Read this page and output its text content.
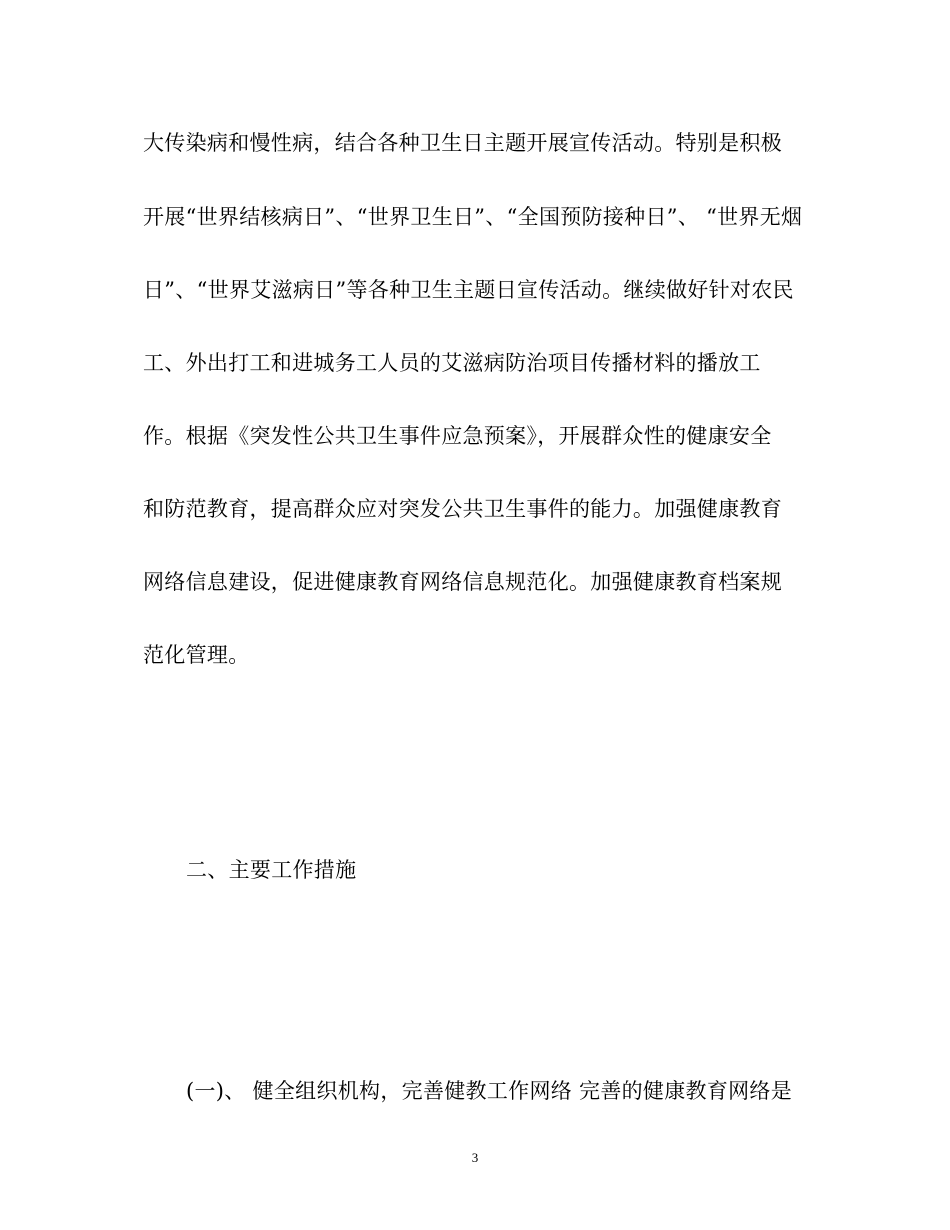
大传染病和慢性病，结合各种卫生日主题开展宣传活动。特别是积极
开展“世界结核病日”、“世界卫生日”、“全国预防接种日”、 “世界无烟
日”、“世界艾滋病日”等各种卫生主题日宣传活动。继续做好针对农民
工、外出打工和进城务工人员的艾滋病防治项目传播材料的播放工
作。根据《突发性公共卫生事件应急预案》，开展群众性的健康安全
和防范教育，提高群众应对突发公共卫生事件的能力。加强健康教育
网络信息建设，促进健康教育网络信息规范化。加强健康教育档案规
范化管理。
二、主要工作措施
(一)、 健全组织机构，完善健教工作网络 完善的健康教育网络是
3
